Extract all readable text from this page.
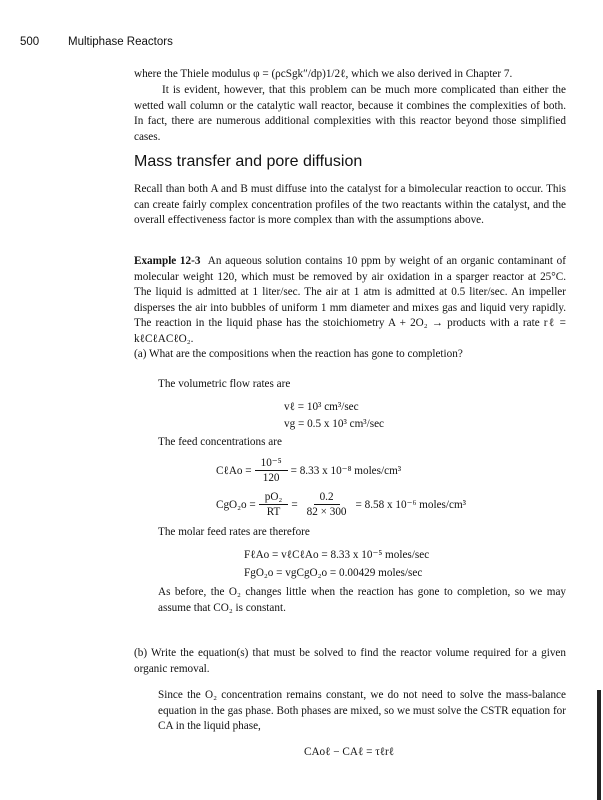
500	Multiphase Reactors
where the Thiele modulus φ = (ρcSgk″/dp)1/2ℓ, which we also derived in Chapter 7.
It is evident, however, that this problem can be much more complicated than either the wetted wall column or the catalytic wall reactor, because it combines the complexities of both. In fact, there are numerous additional complexities with this reactor beyond those simplified cases.
Mass transfer and pore diffusion
Recall than both A and B must diffuse into the catalyst for a bimolecular reaction to occur. This can create fairly complex concentration profiles of the two reactants within the catalyst, and the overall effectiveness factor is more complex than with the assumptions above.
Example 12-3 An aqueous solution contains 10 ppm by weight of an organic contaminant of molecular weight 120, which must be removed by air oxidation in a sparger reactor at 25°C. The liquid is admitted at 1 liter/sec. The air at 1 atm is admitted at 0.5 liter/sec. An impeller disperses the air into bubbles of uniform 1 mm diameter and mixes gas and liquid very rapidly. The reaction in the liquid phase has the stoichiometry A + 2O₂ → products with a rate rℓ = kℓCℓACℓO₂.
(a) What are the compositions when the reaction has gone to completion?
The volumetric flow rates are
vℓ = 10³ cm³/sec
vg = 0.5 x 10³ cm³/sec
The feed concentrations are
CℓAo = $\frac{\text{10⁻⁵}}{120} = 8.33$ x 10⁻⁸ moles/cm³
$CgO_2o = \frac{\text{pO₂}}{RT} = \frac{0.2}{82 \times 300} = 8.58$ x 10⁻⁶ moles/cm³
The molar feed rates are therefore
FℓAo = vℓCℓAo = 8.33 x 10⁻⁵ moles/sec
FgO₂o = vgCgO₂o = 0.00429 moles/sec
As before, the O₂ changes little when the reaction has gone to completion, so we may assume that CO₂ is constant.
(b) Write the equation(s) that must be solved to find the reactor volume required for a given organic removal.
Since the O₂ concentration remains constant, we do not need to solve the mass-balance equation in the gas phase. Both phases are mixed, so we must solve the CSTR equation for CA in the liquid phase,
CAoℓ − CAℓ = τℓrℓ
